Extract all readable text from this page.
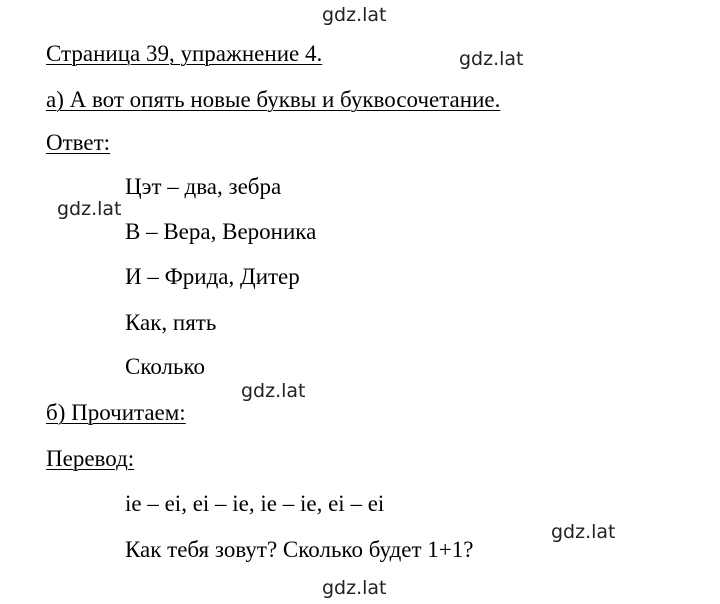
Страница 39, упражнение 4.
а) А вот опять новые буквы и буквосочетание.
Ответ:
Цэт – два, зебра
В – Вера, Вероника
И – Фрида, Дитер
Как, пять
Сколько
б) Прочитаем:
Перевод:
ie – ei, ei – ie, ie – ie, ei – ei
Как тебя зовут? Сколько будет 1+1?
gdz.lat
gdz.lat
gdz.lat
gdz.lat
gdz.lat
gdz.lat
